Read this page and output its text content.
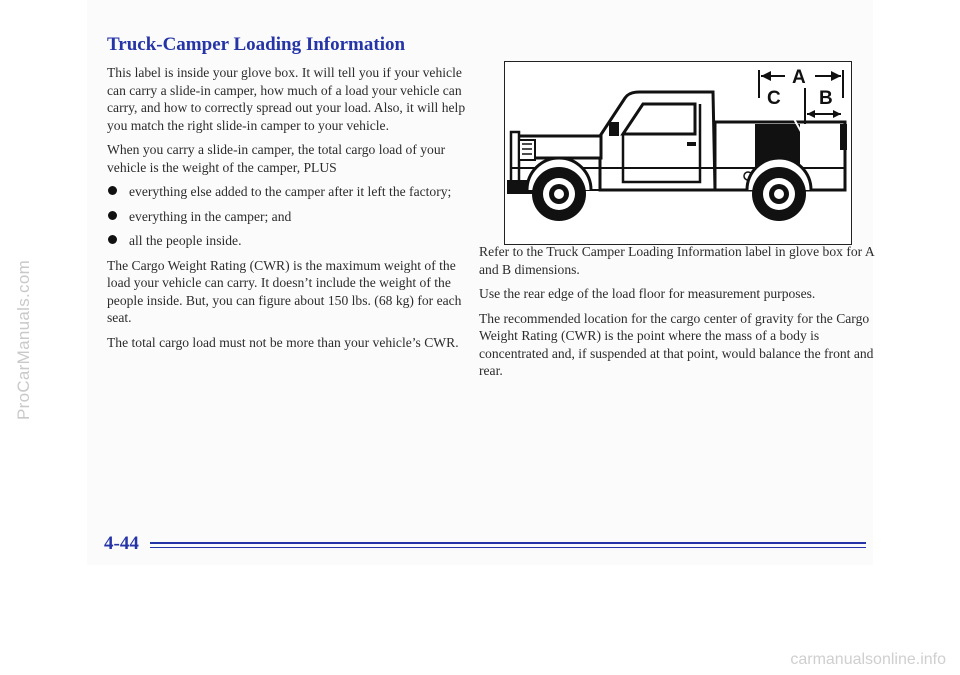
ProCarManuals.com
Truck-Camper Loading Information

This label is inside your glove box. It will tell you if your vehicle can carry a slide-in camper, how much of a load your vehicle can carry, and how to correctly spread out your load. Also, it will help you match the right slide-in camper to your vehicle.

When you carry a slide-in camper, the total cargo load of your vehicle is the weight of the camper, PLUS

everything else added to the camper after it left the factory;
everything in the camper; and
all the people inside.

The Cargo Weight Rating (CWR) is the maximum weight of the load your vehicle can carry. It doesn’t include the weight of the people inside. But, you can figure about 150 lbs. (68 kg) for each seat.

The total cargo load must not be more than your vehicle’s CWR.

A
C B

Refer to the Truck Camper Loading Information label in glove box for A and B dimensions.

Use the rear edge of the load floor for measurement purposes.

The recommended location for the cargo center of gravity for the Cargo Weight Rating (CWR) is the point where the mass of a body is concentrated and, if suspended at that point, would balance the front and rear.

4-44
carmanualsonline.info
